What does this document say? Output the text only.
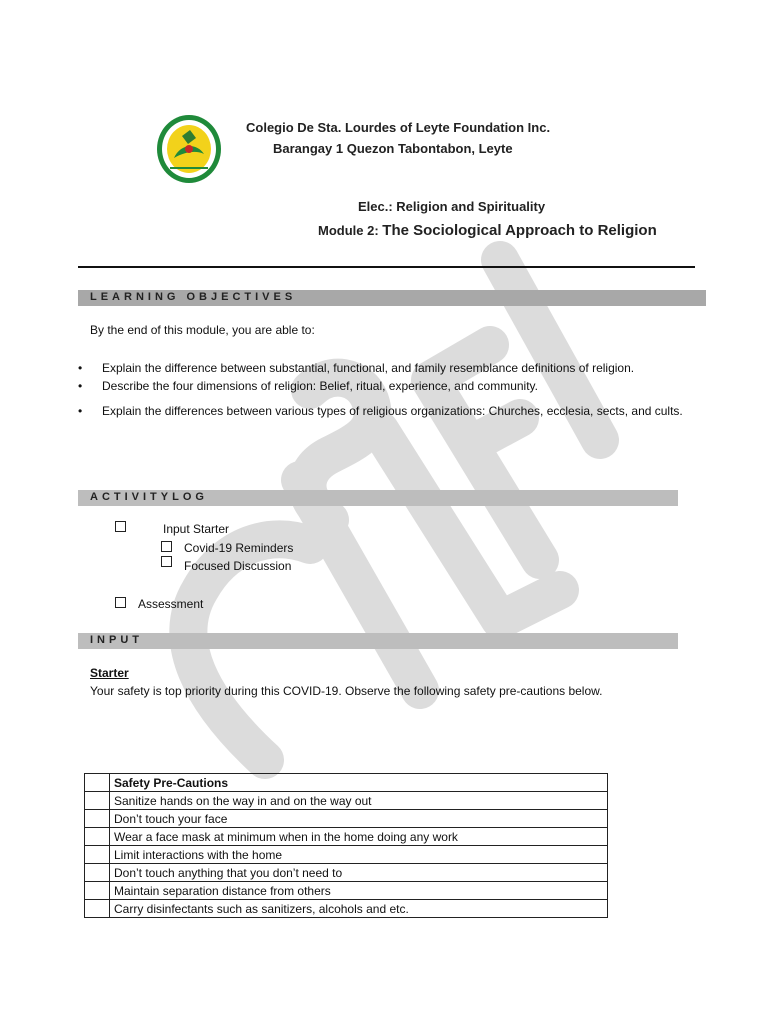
Colegio De Sta. Lourdes of Leyte Foundation Inc.
Barangay 1 Quezon Tabontabon, Leyte
Elec.: Religion and Spirituality
Module 2: The Sociological Approach to Religion
LEARNING OBJECTIVES
By the end of this module, you are able to:
•	Explain the difference between substantial, functional, and family resemblance definitions of religion.
•	Describe the four dimensions of religion: Belief, ritual, experience, and community.
•	Explain the differences between various types of religious organizations: Churches, ecclesia, sects, and cults.
ACTIVITYLOG
Input Starter
Covid-19 Reminders
Focused Discussion
Assessment
INPUT
Starter
Your safety is top priority during this COVID-19. Observe the following safety pre-cautions below.
	Safety Pre-Cautions
	Sanitize hands on the way in and on the way out
	Don’t touch your face
	Wear a face mask at minimum when in the home doing any work
	Limit interactions with the home
	Don’t touch anything that you don’t need to
	Maintain separation distance from others
	Carry disinfectants such as sanitizers, alcohols and etc.
